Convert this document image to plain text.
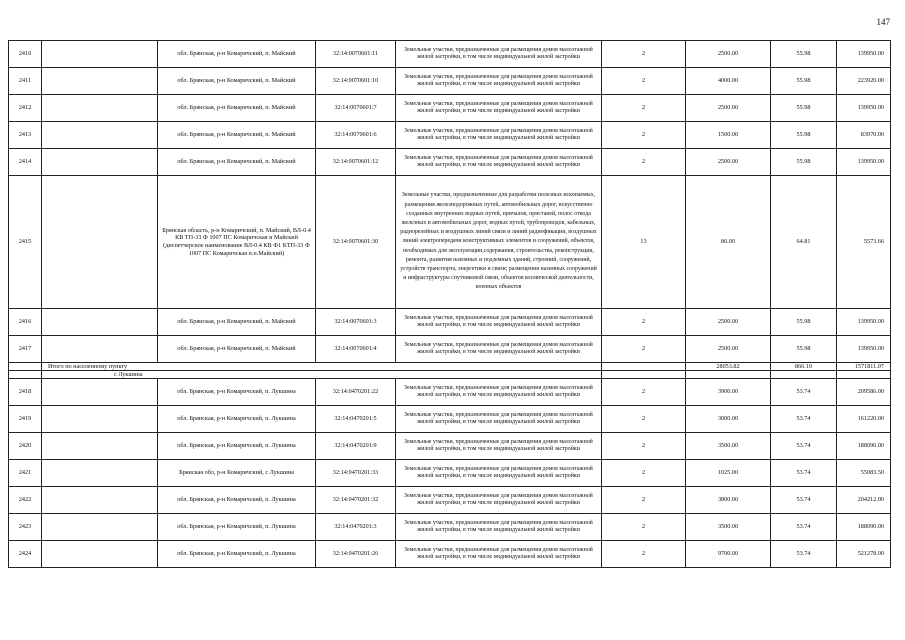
147
2410		обл. Брянская, р-н Комаричский, п. Майский	32:14:0070601:11	Земельные участки, предназначенные для размещения домов малоэтажной жилой застройки, в том числе индивидуальной жилой застройки	2	2500.00	55.98	139950.00
2411		обл. Брянская, р-н Комаричский, п. Майский	32:14:0070601:10	Земельные участки, предназначенные для размещения домов малоэтажной жилой застройки, в том числе индивидуальной жилой застройки	2	4000.00	55.98	223920.00
2412		обл. Брянская, р-н Комаричский, п. Майский	32:14:0070601:7	Земельные участки, предназначенные для размещения домов малоэтажной жилой застройки, в том числе индивидуальной жилой застройки	2	2500.00	55.98	139950.00
2413		обл. Брянская, р-н Комаричский, п. Майский	32:14:0070601:6	Земельные участки, предназначенные для размещения домов малоэтажной жилой застройки, в том числе индивидуальной жилой застройки	2	1500.00	55.98	83970.00
2414		обл. Брянская, р-н Комаричский, п. Майский	32:14:0070601:12	Земельные участки, предназначенные для размещения домов малоэтажной жилой застройки, в том числе индивидуальной жилой застройки	2	2500.00	55.98	139950.00
2415		Брянская область, р-н Комаричский, п. Майский, ВЛ-0.4 КВ ТП-33 Ф 1007 ПС Комаричская и Майский (диспетчерское наименование ВЛ-0.4 КВ Ф1 КТП-33 Ф 1007 ПС Комаричская п.п.Майский)	32:14:0070601:30	Земельные участки, предназначенные для разработки полезных ископаемых, размещения железнодорожных путей, автомобильных дорог, искусственно созданных внутренних водных путей, причалов, пристаней, полос отвода железных и автомобильных дорог, водных путей, трубопроводов, кабельных, радиорелейных и воздушных линий связи и линий радиофикации, воздушных линий электропередачи конструктивных элементов и сооружений, объектов, необходимых для эксплуатации,содержания, строительства, реконструкции, ремонта, развития наземных и подземных зданий, строений, сооружений, устройств транспорта, энергетики и связи; размещения наземных сооружений и инфраструктуры спутниковой связи, объектов космической деятельности, военных объектов	13	86.00	64.81	5573.66
2416		обл. Брянская, р-н Комаричский, п. Майский	32:14:0070601:3	Земельные участки, предназначенные для размещения домов малоэтажной жилой застройки, в том числе индивидуальной жилой застройки	2	2500.00	55.98	139950.00
2417		обл. Брянская, р-н Комаричский, п. Майский	32:14:0070601:4	Земельные участки, предназначенные для размещения домов малоэтажной жилой застройки, в том числе индивидуальной жилой застройки	2	2500.00	55.98	139950.00
	Итого по населенному пункту					28053.82	866.19	1571811.07
	с Лукшина							
2418		обл. Брянская, р-н Комаричский, п. Лукшина	32:14:0470201:22	Земельные участки, предназначенные для размещения домов малоэтажной жилой застройки, в том числе индивидуальной жилой застройки	2	3900.00	53.74	209586.00
2419		обл. Брянская, р-н Комаричский, п. Лукшина	32:14:0470201:5	Земельные участки, предназначенные для размещения домов малоэтажной жилой застройки, в том числе индивидуальной жилой застройки	2	3000.00	53.74	161220.00
2420		обл. Брянская, р-н Комаричский, п. Лукшина	32:14:0470201:9	Земельные участки, предназначенные для размещения домов малоэтажной жилой застройки, в том числе индивидуальной жилой застройки	2	3500.00	53.74	188090.00
2421		Брянская обл, р-н Комаричский, с Лукшина	32:14:0470201:33	Земельные участки, предназначенные для размещения домов малоэтажной жилой застройки, в том числе индивидуальной жилой застройки	2	1025.00	53.74	55083.50
2422		обл. Брянская, р-н Комаричский, п. Лукшина	32:14:0470201:32	Земельные участки, предназначенные для размещения домов малоэтажной жилой застройки, в том числе индивидуальной жилой застройки	2	3800.00	53.74	204212.00
2423		обл. Брянская, р-н Комаричский, п. Лукшина	32:14:0470201:3	Земельные участки, предназначенные для размещения домов малоэтажной жилой застройки, в том числе индивидуальной жилой застройки	2	3500.00	53.74	188090.00
2424		обл. Брянская, р-н Комаричский, п. Лукшина	32:14:0470201:26	Земельные участки, предназначенные для размещения домов малоэтажной жилой застройки, в том числе индивидуальной жилой застройки	2	9700.00	53.74	521278.00
